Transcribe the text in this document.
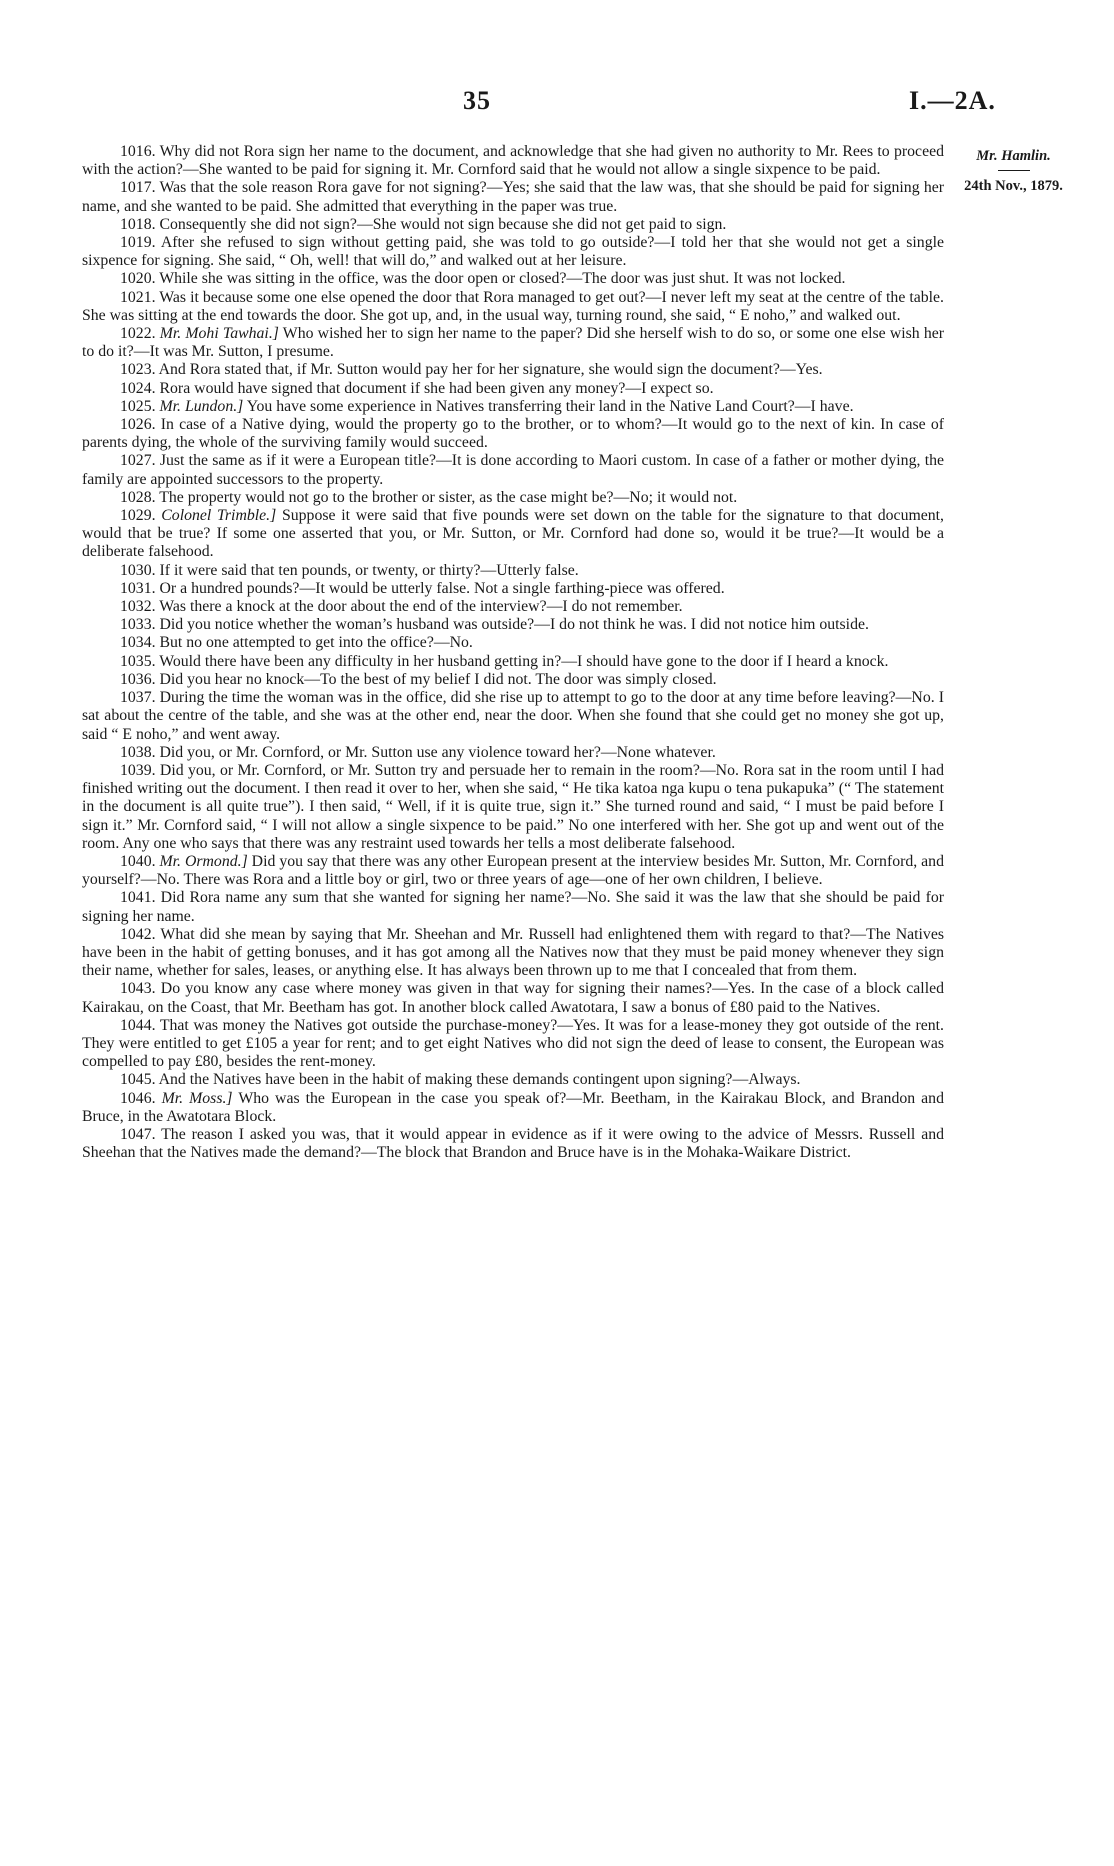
35	I.—2A.
Mr. Hamlin.
24th Nov., 1879.

1016. Why did not Rora sign her name to the document, and acknowledge that she had given no authority to Mr. Rees to proceed with the action?—She wanted to be paid for signing it. Mr. Cornford said that he would not allow a single sixpence to be paid.

1017. Was that the sole reason Rora gave for not signing?—Yes; she said that the law was, that she should be paid for signing her name, and she wanted to be paid. She admitted that everything in the paper was true.

1018. Consequently she did not sign?—She would not sign because she did not get paid to sign.

1019. After she refused to sign without getting paid, she was told to go outside?—I told her that she would not get a single sixpence for signing. She said, “ Oh, well! that will do,” and walked out at her leisure.

1020. While she was sitting in the office, was the door open or closed?—The door was just shut. It was not locked.

1021. Was it because some one else opened the door that Rora managed to get out?—I never left my seat at the centre of the table. She was sitting at the end towards the door. She got up, and, in the usual way, turning round, she said, “ E noho,” and walked out.

1022. Mr. Mohi Tawhai.] Who wished her to sign her name to the paper? Did she herself wish to do so, or some one else wish her to do it?—It was Mr. Sutton, I presume.

1023. And Rora stated that, if Mr. Sutton would pay her for her signature, she would sign the document?—Yes.

1024. Rora would have signed that document if she had been given any money?—I expect so.

1025. Mr. Lundon.] You have some experience in Natives transferring their land in the Native Land Court?—I have.

1026. In case of a Native dying, would the property go to the brother, or to whom?—It would go to the next of kin. In case of parents dying, the whole of the surviving family would succeed.

1027. Just the same as if it were a European title?—It is done according to Maori custom. In case of a father or mother dying, the family are appointed successors to the property.

1028. The property would not go to the brother or sister, as the case might be?—No; it would not.

1029. Colonel Trimble.] Suppose it were said that five pounds were set down on the table for the signature to that document, would that be true? If some one asserted that you, or Mr. Sutton, or Mr. Cornford had done so, would it be true?—It would be a deliberate falsehood.

1030. If it were said that ten pounds, or twenty, or thirty?—Utterly false.

1031. Or a hundred pounds?—It would be utterly false. Not a single farthing-piece was offered.

1032. Was there a knock at the door about the end of the interview?—I do not remember.

1033. Did you notice whether the woman’s husband was outside?—I do not think he was. I did not notice him outside.

1034. But no one attempted to get into the office?—No.

1035. Would there have been any difficulty in her husband getting in?—I should have gone to the door if I heard a knock.

1036. Did you hear no knock—To the best of my belief I did not. The door was simply closed.

1037. During the time the woman was in the office, did she rise up to attempt to go to the door at any time before leaving?—No. I sat about the centre of the table, and she was at the other end, near the door. When she found that she could get no money she got up, said “ E noho,” and went away.

1038. Did you, or Mr. Cornford, or Mr. Sutton use any violence toward her?—None whatever.

1039. Did you, or Mr. Cornford, or Mr. Sutton try and persuade her to remain in the room?—No. Rora sat in the room until I had finished writing out the document. I then read it over to her, when she said, “ He tika katoa nga kupu o tena pukapuka” (“ The statement in the document is all quite true”). I then said, “ Well, if it is quite true, sign it.” She turned round and said, “ I must be paid before I sign it.” Mr. Cornford said, “ I will not allow a single sixpence to be paid.” No one interfered with her. She got up and went out of the room. Any one who says that there was any restraint used towards her tells a most deliberate falsehood.

1040. Mr. Ormond.] Did you say that there was any other European present at the interview besides Mr. Sutton, Mr. Cornford, and yourself?—No. There was Rora and a little boy or girl, two or three years of age—one of her own children, I believe.

1041. Did Rora name any sum that she wanted for signing her name?—No. She said it was the law that she should be paid for signing her name.

1042. What did she mean by saying that Mr. Sheehan and Mr. Russell had enlightened them with regard to that?—The Natives have been in the habit of getting bonuses, and it has got among all the Natives now that they must be paid money whenever they sign their name, whether for sales, leases, or anything else. It has always been thrown up to me that I concealed that from them.

1043. Do you know any case where money was given in that way for signing their names?—Yes. In the case of a block called Kairakau, on the Coast, that Mr. Beetham has got. In another block called Awatotara, I saw a bonus of £80 paid to the Natives.

1044. That was money the Natives got outside the purchase-money?—Yes. It was for a lease-money they got outside of the rent. They were entitled to get £105 a year for rent; and to get eight Natives who did not sign the deed of lease to consent, the European was compelled to pay £80, besides the rent-money.

1045. And the Natives have been in the habit of making these demands contingent upon signing?—Always.

1046. Mr. Moss.] Who was the European in the case you speak of?—Mr. Beetham, in the Kairakau Block, and Brandon and Bruce, in the Awatotara Block.

1047. The reason I asked you was, that it would appear in evidence as if it were owing to the advice of Messrs. Russell and Sheehan that the Natives made the demand?—The block that Brandon and Bruce have is in the Mohaka-Waikare District.
